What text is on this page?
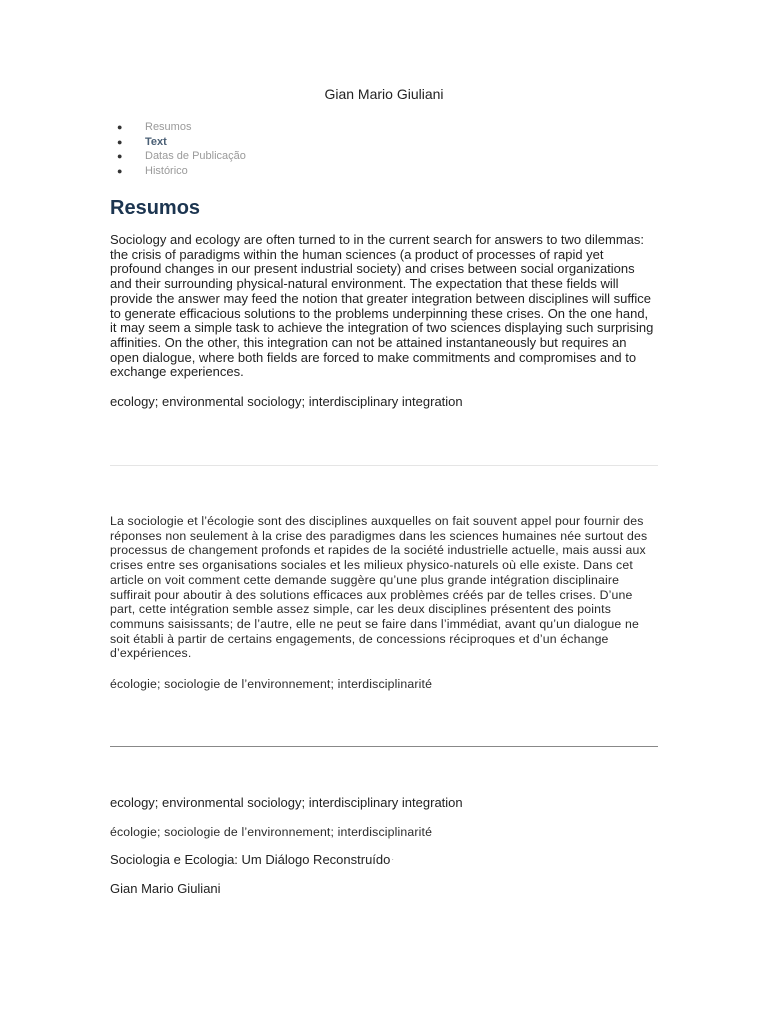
Gian Mario Giuliani
● Resumos
● Text
● Datas de Publicação
● Histórico
Resumos
Sociology and ecology are often turned to in the current search for answers to two dilemmas: the crisis of paradigms within the human sciences (a product of processes of rapid yet profound changes in our present industrial society) and crises between social organizations and their surrounding physical-natural environment. The expectation that these fields will provide the answer may feed the notion that greater integration between disciplines will suffice to generate efficacious solutions to the problems underpinning these crises. On the one hand, it may seem a simple task to achieve the integration of two sciences displaying such surprising affinities. On the other, this integration can not be attained instantaneously but requires an open dialogue, where both fields are forced to make commitments and compromises and to exchange experiences.
ecology; environmental sociology; interdisciplinary integration
La sociologie et l’écologie sont des disciplines auxquelles on fait souvent appel pour fournir des réponses non seulement à la crise des paradigmes dans les sciences humaines née surtout des processus de changement profonds et rapides de la société industrielle actuelle, mais aussi aux crises entre ses organisations sociales et les milieux physico-naturels où elle existe. Dans cet article on voit comment cette demande suggère qu’une plus grande intégration disciplinaire suffirait pour aboutir à des solutions efficaces aux problèmes créés par de telles crises. D’une part, cette intégration semble assez simple, car les deux disciplines présentent des points communs saisissants; de l’autre, elle ne peut se faire dans l’immédiat, avant qu’un dialogue ne soit établi à partir de certains engagements, de concessions réciproques et d’un échange d’expériences.
écologie; sociologie de l’environnement; interdisciplinarité
ecology; environmental sociology; interdisciplinary integration
écologie; sociologie de l’environnement; interdisciplinarité
Sociologia e Ecologia: Um Diálogo Reconstruído·
Gian Mario Giuliani
